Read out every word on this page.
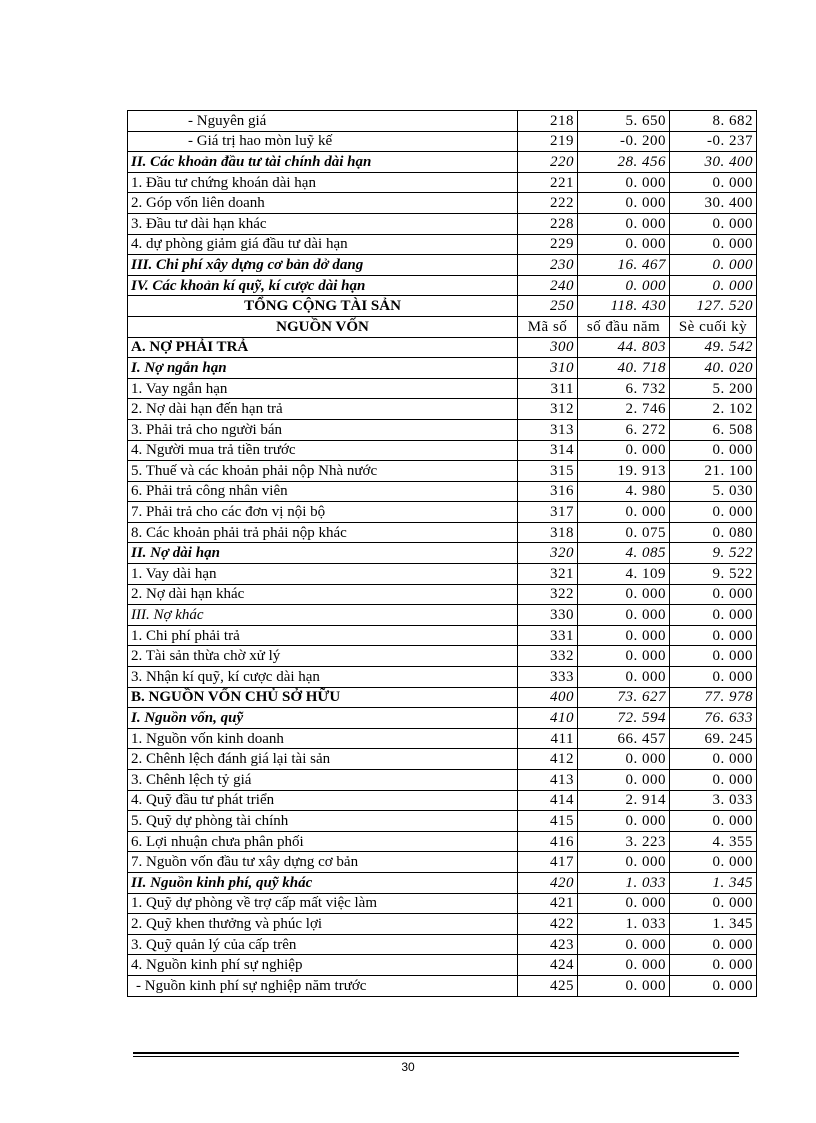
- Nguyên giá	218	5. 650	8. 682
- Giá trị hao mòn luỹ kế	219	-0. 200	-0. 237
II. Các khoản đầu tư tài chính dài hạn	220	28. 456	30. 400
1. Đầu tư chứng khoán dài hạn	221	0. 000	0. 000
2. Góp vốn liên doanh	222	0. 000	30. 400
3. Đầu tư dài hạn khác	228	0. 000	0. 000
4. dự phòng giảm giá đầu tư dài hạn	229	0. 000	0. 000
III. Chi phí xây dựng cơ bản dở dang	230	16. 467	0. 000
IV. Các khoản kí quỹ, kí cược dài hạn	240	0. 000	0. 000
TỔNG CỘNG TÀI SẢN	250	118. 430	127. 520
NGUỒN VỐN	Mã số	số đầu năm	Sè cuối kỳ
A. NỢ PHẢI TRẢ	300	44. 803	49. 542
I. Nợ ngắn hạn	310	40. 718	40. 020
1. Vay ngắn hạn	311	6. 732	5. 200
2. Nợ dài hạn đến hạn trả	312	2. 746	2. 102
3. Phải trả cho người bán	313	6. 272	6. 508
4. Người mua trả tiền trước	314	0. 000	0. 000
5. Thuế và các khoản phải nộp Nhà nước	315	19. 913	21. 100
6. Phải trả công nhân viên	316	4. 980	5. 030
7. Phải trả cho các đơn vị nội bộ	317	0. 000	0. 000
8. Các khoản phải trả phải nộp khác	318	0. 075	0. 080
II. Nợ dài hạn	320	4. 085	9. 522
1. Vay dài hạn	321	4. 109	9. 522
2. Nợ dài hạn khác	322	0. 000	0. 000
III. Nợ khác	330	0. 000	0. 000
1. Chi phí phải trả	331	0. 000	0. 000
2. Tài sản thừa chờ xử lý	332	0. 000	0. 000
3. Nhận kí quỹ, kí cược dài hạn	333	0. 000	0. 000
B. NGUỒN VỐN CHỦ SỞ HỮU	400	73. 627	77. 978
I. Nguồn vốn, quỹ	410	72. 594	76. 633
1. Nguồn vốn kinh doanh	411	66. 457	69. 245
2. Chênh lệch đánh giá lại tài sản	412	0. 000	0. 000
3. Chênh lệch tỷ giá	413	0. 000	0. 000
4. Quỹ đầu tư phát triển	414	2. 914	3. 033
5. Quỹ dự phòng tài chính	415	0. 000	0. 000
6. Lợi nhuận chưa phân phối	416	3. 223	4. 355
7. Nguồn vốn đầu tư xây dựng cơ bản	417	0. 000	0. 000
II. Nguồn kinh phí, quỹ khác	420	1. 033	1. 345
1. Quỹ dự phòng về trợ cấp mất việc làm	421	0. 000	0. 000
2. Quỹ khen thưởng và phúc lợi	422	1. 033	1. 345
3. Quỹ quản lý của cấp trên	423	0. 000	0. 000
4. Nguồn kinh phí sự nghiệp	424	0. 000	0. 000
- Nguồn kinh phí sự nghiệp năm trước	425	0. 000	0. 000
30
